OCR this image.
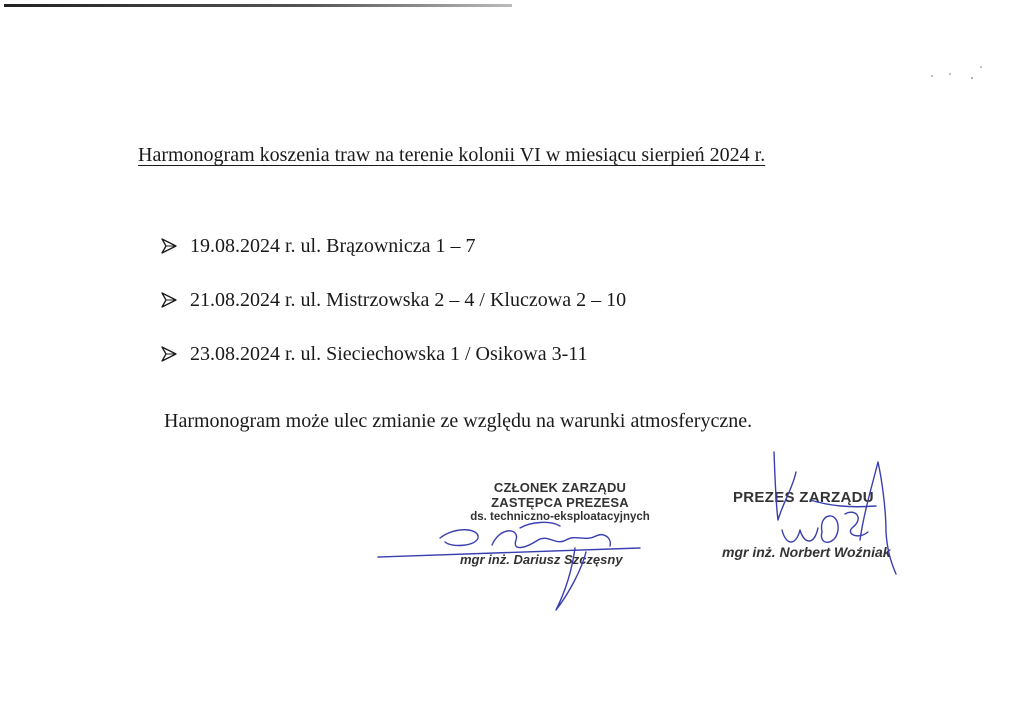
Harmonogram koszenia traw na terenie kolonii VI w miesiącu sierpień 2024 r.
19.08.2024 r. ul. Brązownicza 1 – 7
21.08.2024 r. ul. Mistrzowska 2 – 4 / Kluczowa 2 – 10
23.08.2024 r. ul. Sieciechowska 1 / Osikowa 3-11
Harmonogram może ulec zmianie ze względu na warunki atmosferyczne.
CZŁONEK ZARZĄDU
ZASTĘPCA PREZESA
ds. techniczno-eksploatacyjnych
mgr inż. Dariusz Szczęsny
PREZES ZARZĄDU
mgr inż. Norbert Woźniak
